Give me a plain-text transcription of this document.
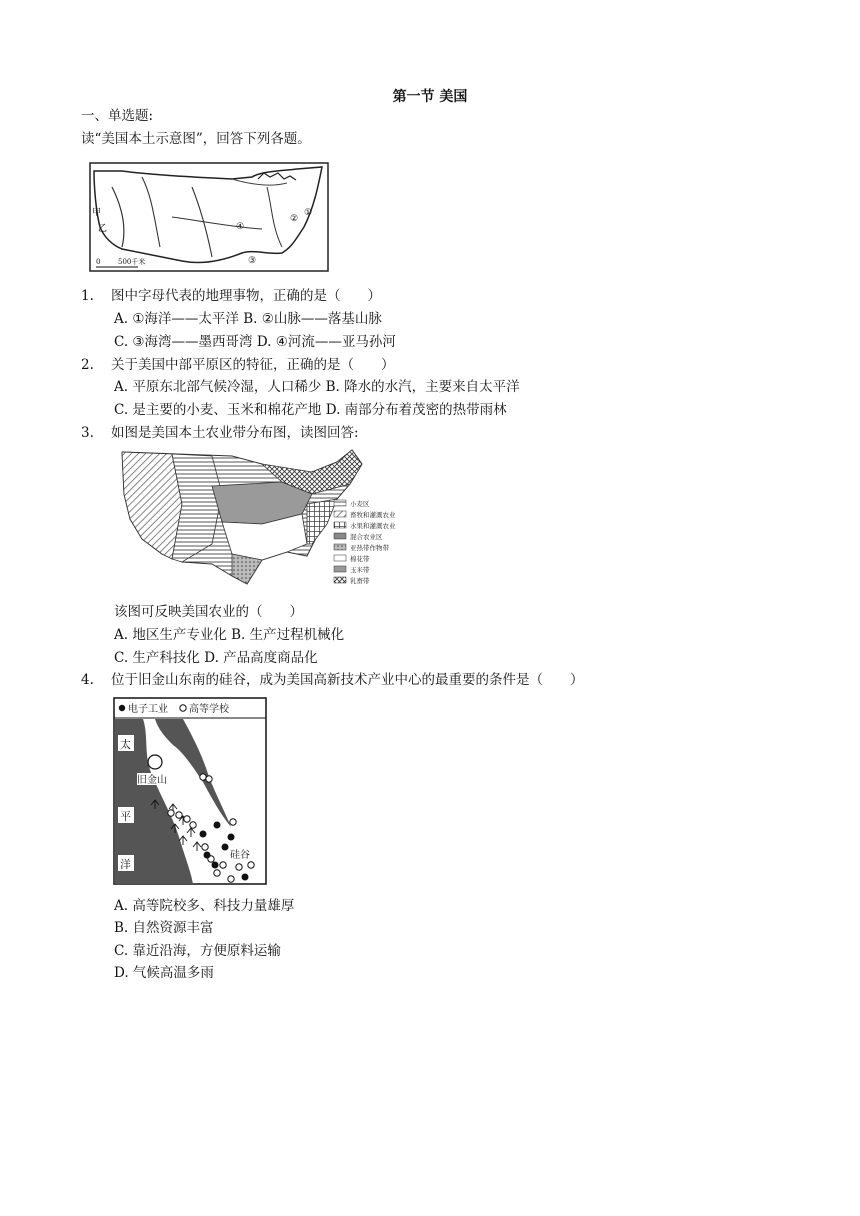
第一节 美国
一、单选题:
读“美国本土示意图”，回答下列各题。
甲
乙
①
②
③
④
0	500千米
1. 图中字母代表的地理事物，正确的是（　　）
A. ①海洋——太平洋 B. ②山脉——落基山脉
C. ③海湾——墨西哥湾 D. ④河流——亚马孙河
2. 关于美国中部平原区的特征，正确的是（　　）
A. 平原东北部气候冷湿，人口稀少 B. 降水的水汽，主要来自太平洋
C. 是主要的小麦、玉米和棉花产地 D. 南部分布着茂密的热带雨林
3. 如图是美国本土农业带分布图，读图回答:
小麦区
畜牧和灌溉农业
水果和灌溉农业
混合农业区
亚热带作物带
棉花带
玉米带
乳畜带
该图可反映美国农业的（　　）
A. 地区生产专业化 B. 生产过程机械化
C. 生产科技化 D. 产品高度商品化
4. 位于旧金山东南的硅谷，成为美国高新技术产业中心的最重要的条件是（　　）
电子工业 高等学校
太
平
洋
旧金山
硅谷
A. 高等院校多、科技力量雄厚
B. 自然资源丰富
C. 靠近沿海，方便原料运输
D. 气候高温多雨
